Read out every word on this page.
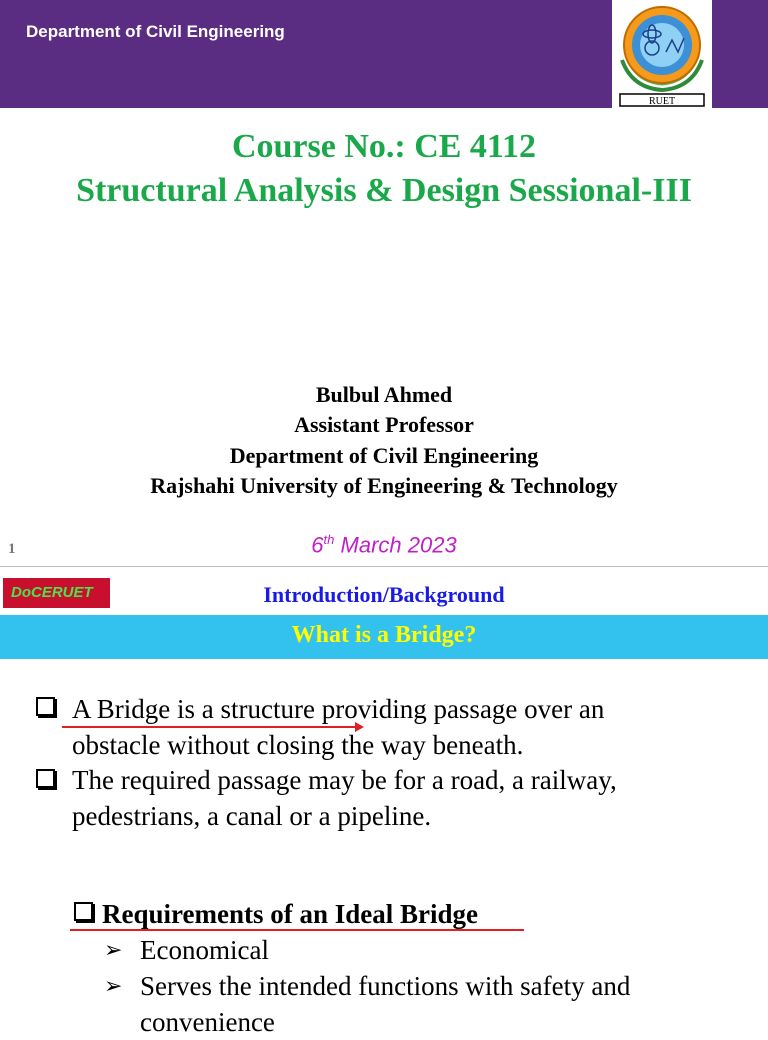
Department of Civil Engineering
RUET
Course No.: CE 4112
Structural Analysis & Design Sessional-III
Bulbul Ahmed
Assistant Professor
Department of Civil Engineering
Rajshahi University of Engineering & Technology
1	6th March 2023
DoCERUET	Introduction/Background
What is a Bridge?
A Bridge is a structure providing passage over an
obstacle without closing the way beneath.
The required passage may be for a road, a railway,
pedestrians, a canal or a pipeline.
Requirements of an Ideal Bridge
➢ Economical
➢ Serves the intended functions with safety and
convenience
